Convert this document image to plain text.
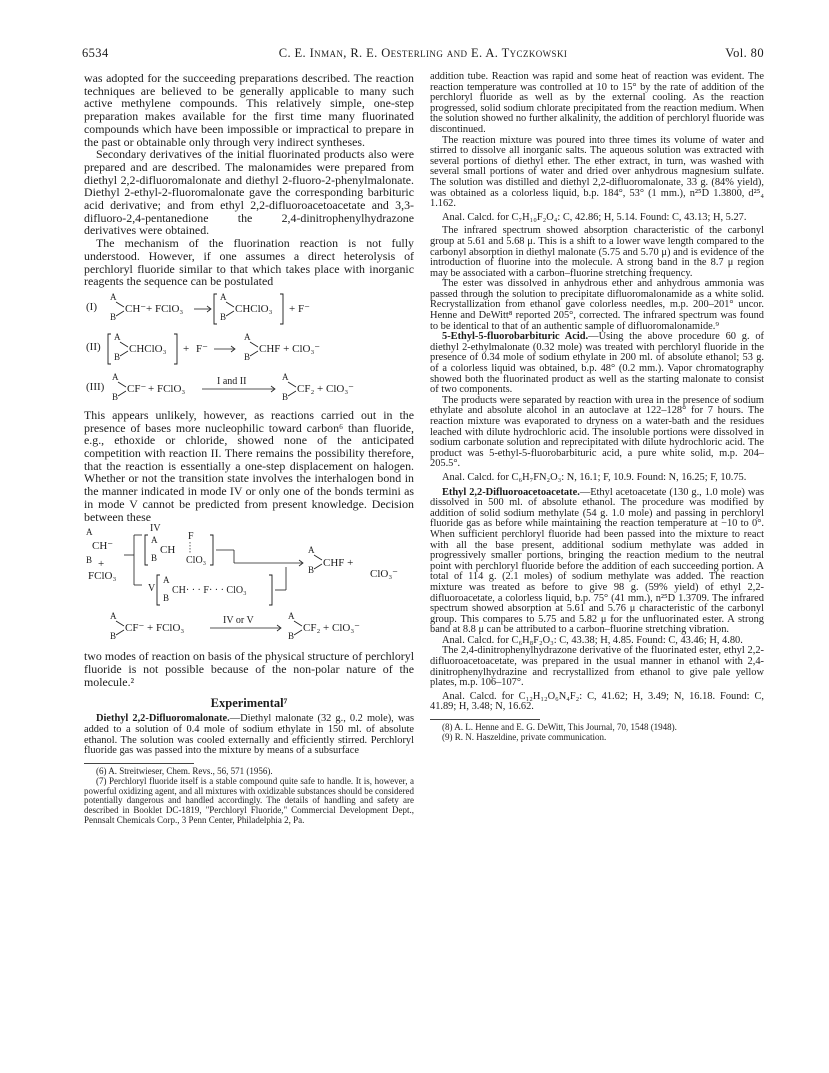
6534	C. E. Inman, R. E. Oesterling and E. A. Tyczkowski	Vol. 80

was adopted for the succeeding preparations described. The reaction techniques are believed to be generally applicable to many such active methylene compounds. This relatively simple, one-step preparation makes available for the first time many fluorinated compounds which have been impossible or impractical to prepare in the past or obtainable only through very indirect syntheses.

Secondary derivatives of the initial fluorinated products also were prepared and are described. The malonamides were prepared from diethyl 2,2-difluoromalonate and diethyl 2-fluoro-2-phenylmalonate. Diethyl 2-ethyl-2-fluoromalonate gave the corresponding barbituric acid derivative; and from ethyl 2,2-difluoroacetoacetate and 3,3-difluoro-2,4-pentanedione the 2,4-dinitrophenylhydrazone derivatives were obtained.

The mechanism of the fluorination reaction is not fully understood. However, if one assumes a direct heterolysis of perchloryl fluoride similar to that which takes place with inorganic reagents the sequence can be postulated

(I)
A
B
CH⁻ + FClO₃
A
B
CHClO₃ + F⁻
(II)
A
B
CHClO₃ + F⁻
A
B
CHF + ClO₃⁻
(III)
A
B
CF⁻ + FClO₃
I and II	A
B
CF₂ + ClO₃⁻

This appears unlikely, however, as reactions carried out in the presence of bases more nucleophilic toward carbon⁶ than fluoride, e.g., ethoxide or chloride, showed none of the anticipated competition with reaction II. There remains the possibility therefore, that the reaction is essentially a one-step displacement on halogen. Whether or not the transition state involves the interhalogen bond in the manner indicated in mode IV or only one of the bonds termini as in mode V cannot be predicted from present knowledge. Decision between these

A
CH⁻
B +
FClO₃
IV
A
B
CH
F
ClO₃
V
A
B
CH· · · F· · · ClO₃
A
B
CHF +
ClO₃⁻
A
B
CF⁻ + FClO₃
IV or V	A
B
CF₂ + ClO₃⁻

two modes of reaction on basis of the physical structure of perchloryl fluoride is not possible because of the non-polar nature of the molecule.²

Experimental⁷

Diethyl 2,2-Difluoromalonate.—Diethyl malonate (32 g., 0.2 mole), was added to a solution of 0.4 mole of sodium ethylate in 150 ml. of absolute ethanol. The solution was cooled externally and efficiently stirred. Perchloryl fluoride gas was passed into the mixture by means of a subsurface

(6) A. Streitwieser, Chem. Revs., 56, 571 (1956).

(7) Perchloryl fluoride itself is a stable compound quite safe to handle. It is, however, a powerful oxidizing agent, and all mixtures with oxidizable substances should be considered potentially dangerous and handled accordingly. The details of handling and safety are described in Booklet DC-1819, "Perchloryl Fluoride," Commercial Development Dept., Pennsalt Chemicals Corp., 3 Penn Center, Philadelphia 2, Pa.

addition tube. Reaction was rapid and some heat of reaction was evident. The reaction temperature was controlled at 10 to 15° by the rate of addition of the perchloryl fluoride as well as by the external cooling. As the reaction progressed, solid sodium chlorate precipitated from the reaction medium. When the solution showed no further alkalinity, the addition of perchloryl fluoride was discontinued.

The reaction mixture was poured into three times its volume of water and stirred to dissolve all inorganic salts. The aqueous solution was extracted with several portions of diethyl ether. The ether extract, in turn, was washed with several small portions of water and dried over anhydrous magnesium sulfate. The solution was distilled and diethyl 2,2-difluoromalonate, 33 g. (84% yield), was obtained as a colorless liquid, b.p. 184°, 53° (1 mm.), n²⁵D 1.3800, d²⁵₄ 1.162.

Anal. Calcd. for C₇H₁₀F₂O₄: C, 42.86; H, 5.14. Found: C, 43.13; H, 5.27.

The infrared spectrum showed absorption characteristic of the carbonyl group at 5.61 and 5.68 μ. This is a shift to a lower wave length compared to the carbonyl absorption in diethyl malonate (5.75 and 5.70 μ) and is evidence of the introduction of fluorine into the molecule. A strong band in the 8.7 μ region may be associated with a carbon–fluorine stretching frequency.

The ester was dissolved in anhydrous ether and anhydrous ammonia was passed through the solution to precipitate difluoromalonamide as a white solid. Recrystallization from ethanol gave colorless needles, m.p. 200–201° uncor. Henne and DeWitt⁸ reported 205°, corrected. The infrared spectrum was found to be identical to that of an authentic sample of difluoromalonamide.⁹

5-Ethyl-5-fluorobarbituric Acid.—Using the above procedure 60 g. of diethyl 2-ethylmalonate (0.32 mole) was treated with perchloryl fluoride in the presence of 0.34 mole of sodium ethylate in 200 ml. of absolute ethanol; 53 g. of a colorless liquid was obtained, b.p. 48° (0.2 mm.). Vapor chromatography showed both the fluorinated product as well as the starting malonate to consist of two components.

The products were separated by reaction with urea in the presence of sodium ethylate and absolute alcohol in an autoclave at 122–128° for 7 hours. The reaction mixture was evaporated to dryness on a water-bath and the residues leached with dilute hydrochloric acid. The insoluble portions were dissolved in sodium carbonate solution and reprecipitated with dilute hydrochloric acid. The product was 5-ethyl-5-fluorobarbituric acid, a pure white solid, m.p. 204–205.5°.

Anal. Calcd. for C₆H₇FN₂O₃: N, 16.1; F, 10.9. Found: N, 16.25; F, 10.75.

Ethyl 2,2-Difluoroacetoacetate.—Ethyl acetoacetate (130 g., 1.0 mole) was dissolved in 500 ml. of absolute ethanol. The procedure was modified by addition of solid sodium methylate (54 g. 1.0 mole) and passing in perchloryl fluoride gas as before while maintaining the reaction temperature at −10 to 0°. When sufficient perchloryl fluoride had been passed into the mixture to react with all the base present, additional sodium methylate was added in progressively smaller portions, bringing the reaction medium to the neutral point with perchloryl fluoride before the addition of each succeeding portion. A total of 114 g. (2.1 moles) of sodium methylate was added. The reaction mixture was treated as before to give 98 g. (59% yield) of ethyl 2,2-difluoroacetate, a colorless liquid, b.p. 75° (41 mm.), n²⁵D 1.3709. The infrared spectrum showed absorption at 5.61 and 5.76 μ characteristic of the carbonyl group. This compares to 5.75 and 5.82 μ for the unfluorinated ester. A strong band at 8.8 μ can be attributed to a carbon–fluorine stretching vibration.

Anal. Calcd. for C₆H₈F₂O₃: C, 43.38; H, 4.85. Found: C, 43.46; H, 4.80.

The 2,4-dinitrophenylhydrazone derivative of the fluorinated ester, ethyl 2,2-difluoroacetoacetate, was prepared in the usual manner in ethanol with 2,4-dinitrophenylhydrazine and recrystallized from ethanol to give pale yellow plates, m.p. 106–107°.

Anal. Calcd. for C₁₂H₁₂O₆N₄F₂: C, 41.62; H, 3.49; N, 16.18. Found: C, 41.89; H, 3.48; N, 16.62.

(8) A. L. Henne and E. G. DeWitt, This Journal, 70, 1548 (1948).

(9) R. N. Haszeldine, private communication.
